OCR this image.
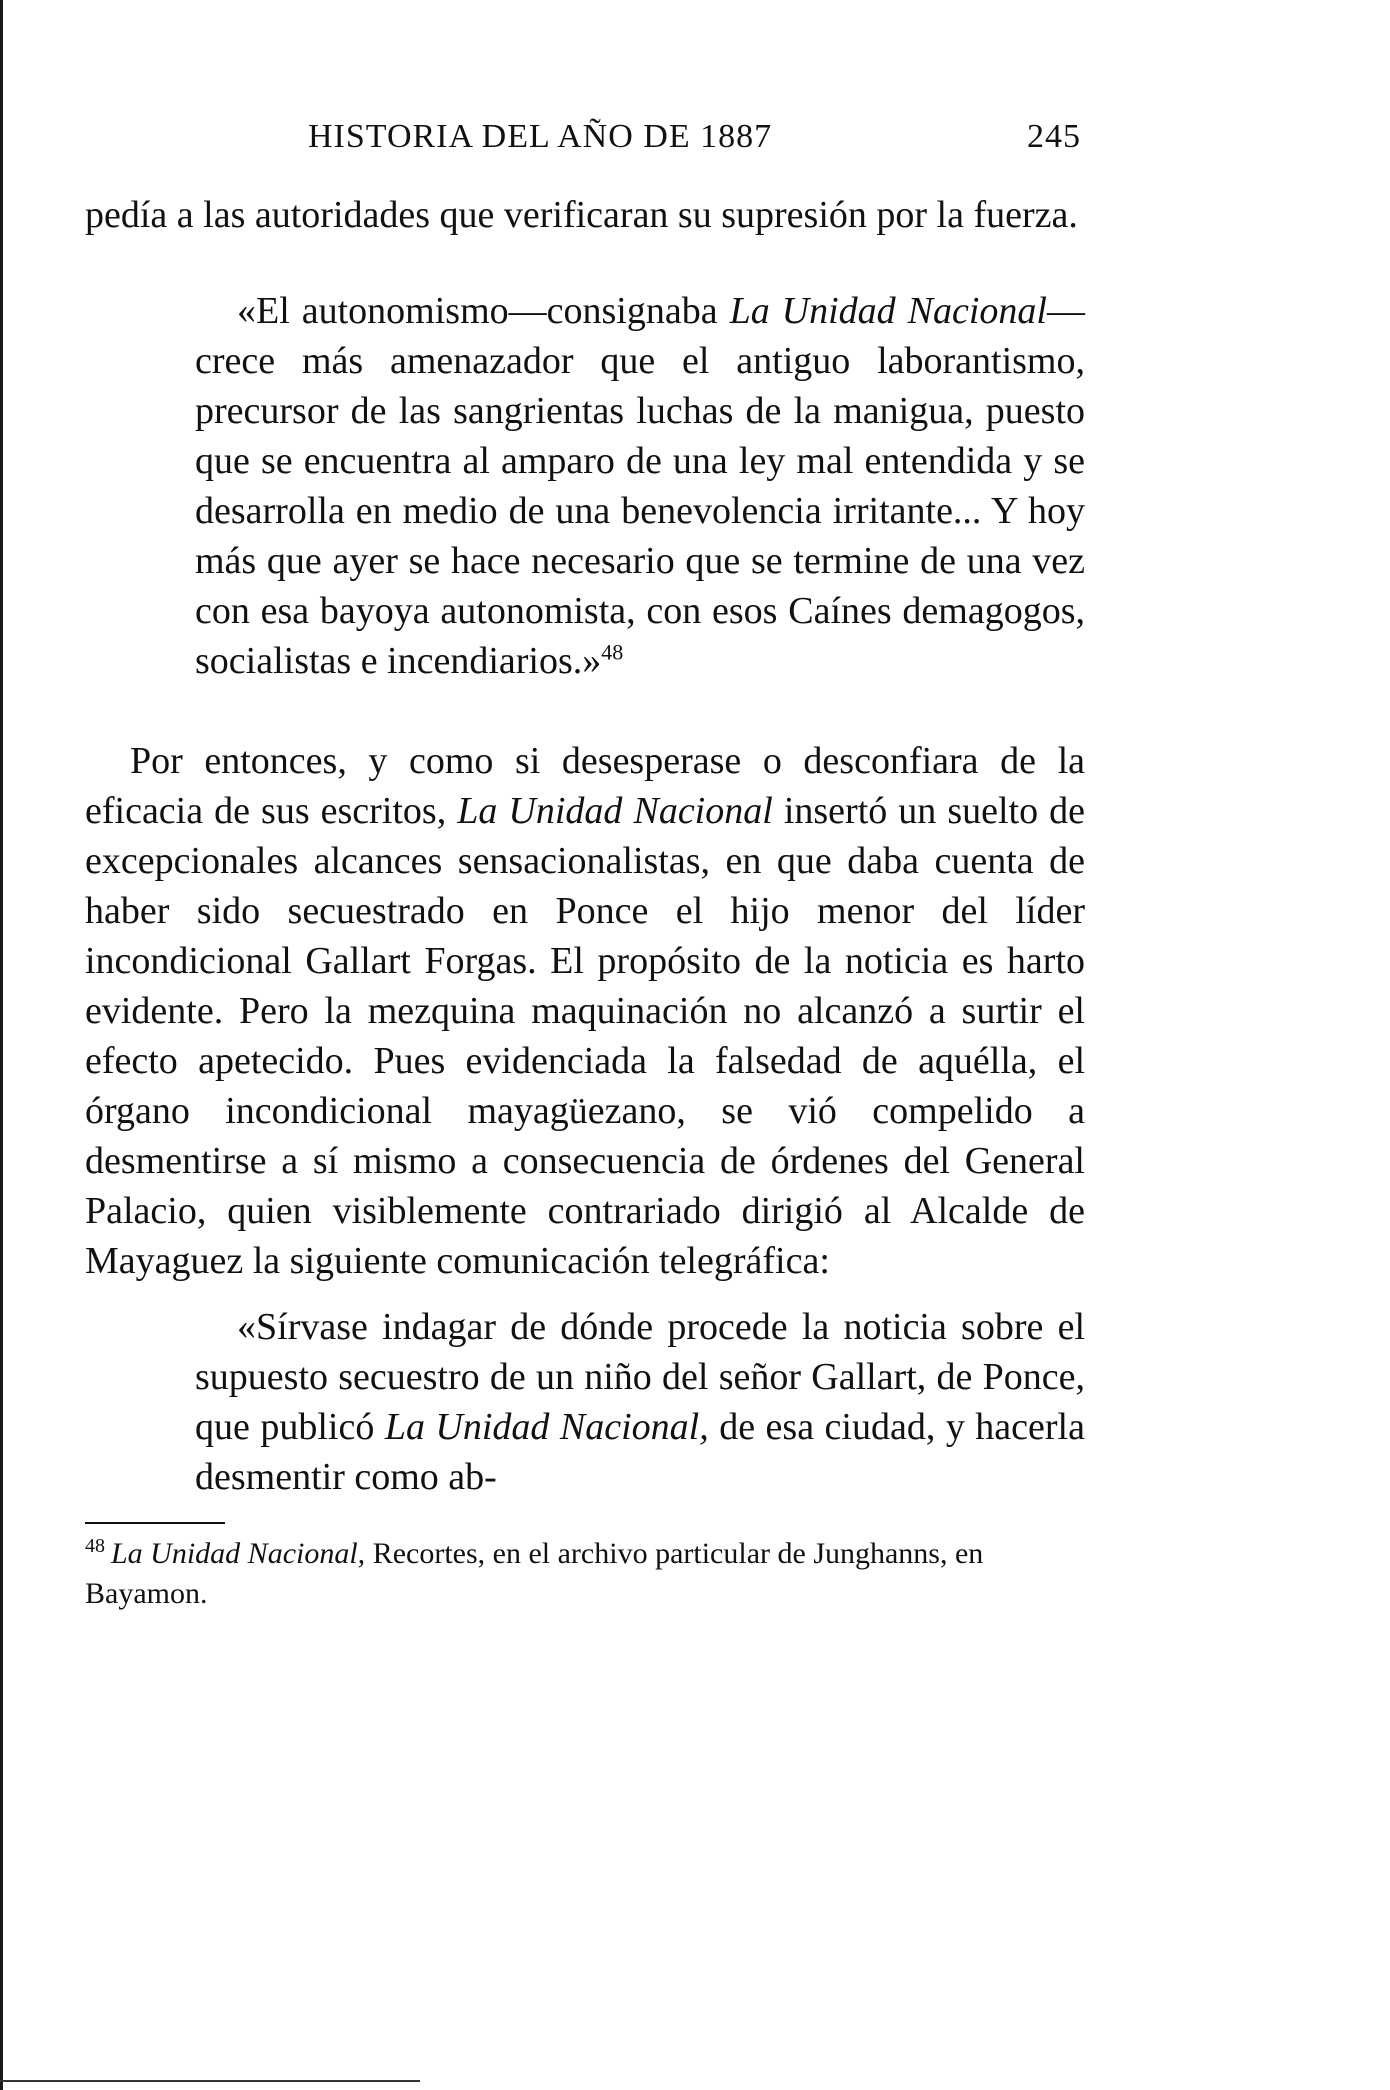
HISTORIA DEL AÑO DE 1887	245

pedía a las autoridades que verificaran su supresión por la fuerza.

«El autonomismo—consignaba La Unidad Nacional—crece más amenazador que el antiguo laborantismo, precursor de las sangrientas luchas de la manigua, puesto que se encuentra al amparo de una ley mal entendida y se desarrolla en medio de una benevolencia irritante... Y hoy más que ayer se hace necesario que se termine de una vez con esa bayoya autonomista, con esos Caínes demagogos, socialistas e incendiarios.»$^{48}$

Por entonces, y como si desesperase o desconfiara de la eficacia de sus escritos, La Unidad Nacional insertó un suelto de excepcionales alcances sensacionalistas, en que daba cuenta de haber sido secuestrado en Ponce el hijo menor del líder incondicional Gallart Forgas. El propósito de la noticia es harto evidente. Pero la mezquina maquinación no alcanzó a surtir el efecto apetecido. Pues evidenciada la falsedad de aquélla, el órgano incondicional mayagüezano, se vió compelido a desmentirse a sí mismo a consecuencia de órdenes del General Palacio, quien visiblemente contrariado dirigió al Alcalde de Mayaguez la siguiente comunicación telegráfica:

«Sírvase indagar de dónde procede la noticia sobre el supuesto secuestro de un niño del señor Gallart, de Ponce, que publicó La Unidad Nacional, de esa ciudad, y hacerla desmentir como ab-

$^{48}$ La Unidad Nacional, Recortes, en el archivo particular de Junghanns, en Bayamon.
